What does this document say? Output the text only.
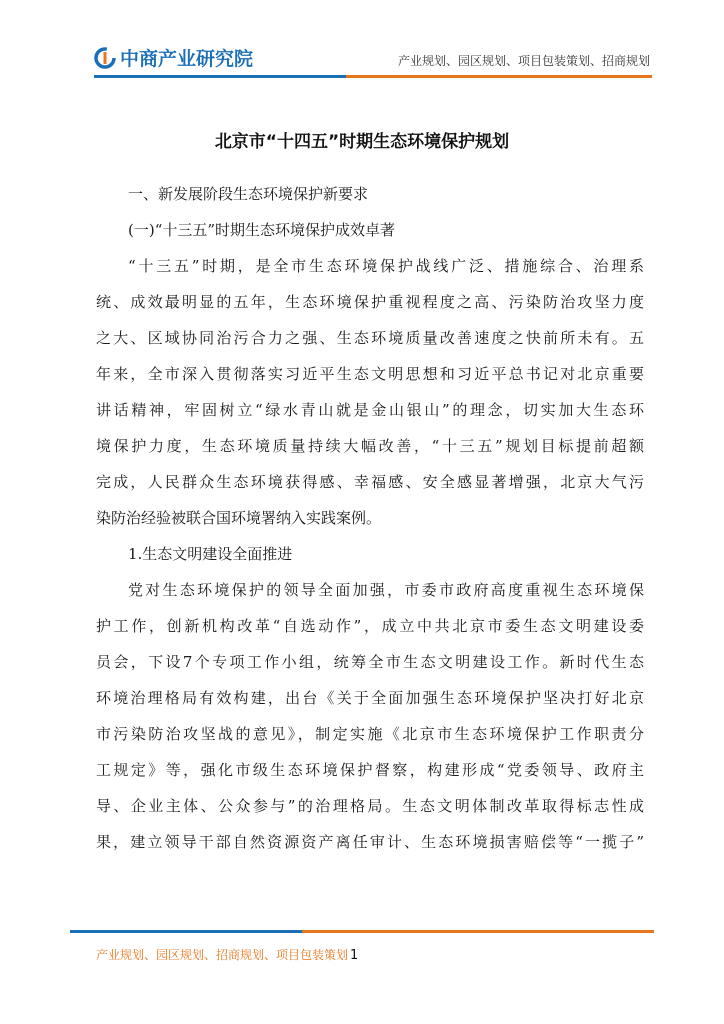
中商产业研究院	产业规划、园区规划、项目包装策划、招商规划
北京市“十四五”时期生态环境保护规划
一、新发展阶段生态环境保护新要求
(一)“十三五”时期生态环境保护成效卓著
“十三五”时期，是全市生态环境保护战线广泛、措施综合、治理系
统、成效最明显的五年，生态环境保护重视程度之高、污染防治攻坚力度
之大、区域协同治污合力之强、生态环境质量改善速度之快前所未有。五
年来，全市深入贯彻落实习近平生态文明思想和习近平总书记对北京重要
讲话精神，牢固树立“绿水青山就是金山银山”的理念，切实加大生态环
境保护力度，生态环境质量持续大幅改善，“十三五”规划目标提前超额
完成，人民群众生态环境获得感、幸福感、安全感显著增强，北京大气污
染防治经验被联合国环境署纳入实践案例。
1.生态文明建设全面推进
党对生态环境保护的领导全面加强，市委市政府高度重视生态环境保
护工作，创新机构改革“自选动作”，成立中共北京市委生态文明建设委
员会，下设7个专项工作小组，统筹全市生态文明建设工作。新时代生态
环境治理格局有效构建，出台《关于全面加强生态环境保护坚决打好北京
市污染防治攻坚战的意见》，制定实施《北京市生态环境保护工作职责分
工规定》等，强化市级生态环境保护督察，构建形成“党委领导、政府主
导、企业主体、公众参与”的治理格局。生态文明体制改革取得标志性成
果，建立领导干部自然资源资产离任审计、生态环境损害赔偿等“一揽子”
产业规划、园区规划、招商规划、项目包装策划 1
